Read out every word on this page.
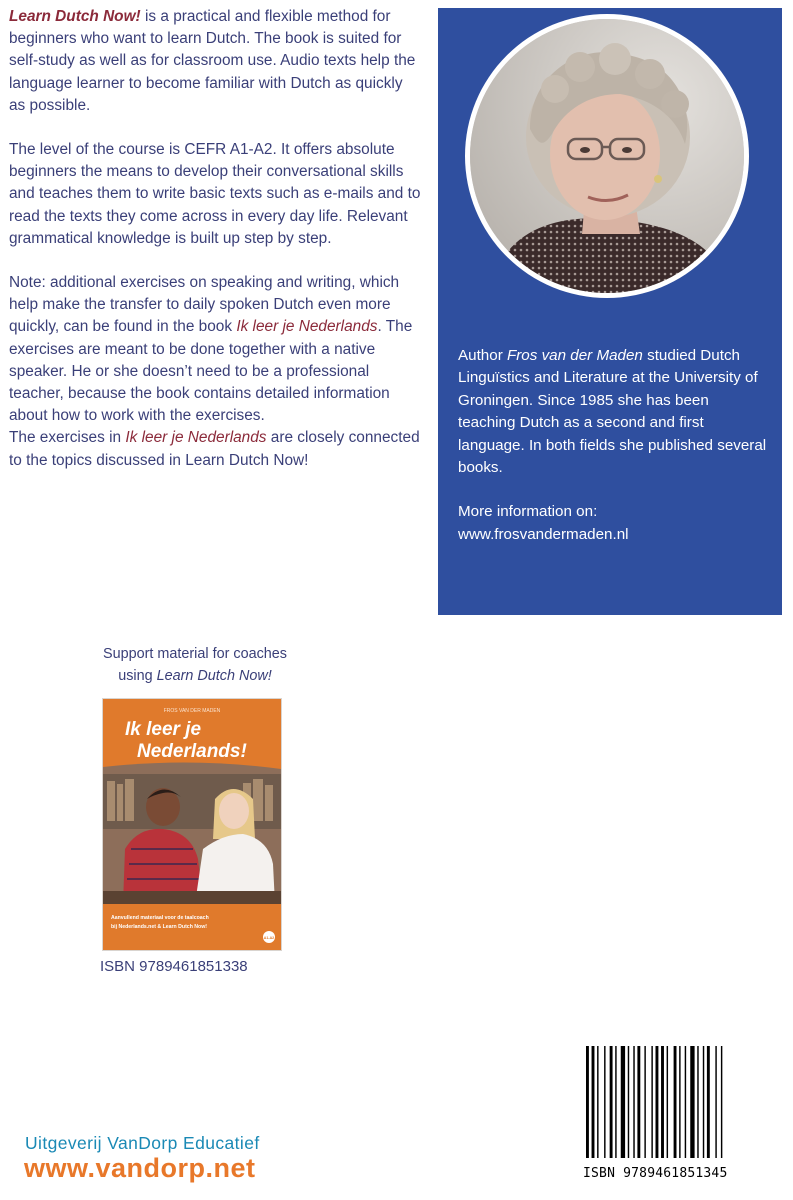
Learn Dutch Now! is a practical and flexible method for beginners who want to learn Dutch. The book is suited for self-study as well as for classroom use. Audio texts help the language learner to become familiar with Dutch as quickly as possible.

The level of the course is CEFR A1-A2. It offers absolute beginners the means to develop their conversational skills and teaches them to write basic texts such as e-mails and to read the texts they come across in every day life. Relevant grammatical knowledge is built up step by step.

Note: additional exercises on speaking and writing, which help make the transfer to daily spoken Dutch even more quickly, can be found in the book Ik leer je Nederlands. The exercises are meant to be done together with a native speaker. He or she doesn’t need to be a professional teacher, because the book contains detailed information about how to work with the exercises.

The exercises in Ik leer je Nederlands are closely connected to the topics discussed in Learn Dutch Now!

Author Fros van der Maden studied Dutch Linguïstics and Literature at the University of Groningen. Since 1985 she has been teaching Dutch as a second and first language. In both fields she published several books.

More information on:

www.frosvandermaden.nl

Support material for coaches

using Learn Dutch Now!

FROS VAN DER MADEN
Ik leer je
Nederlands!
Aanvullend materiaal voor de taalcoach
bij Nederlands.net & Learn Dutch Now!
A1-A2
ISBN 9789461851338
ISBN 9789461851345
Uitgeverij VanDorp Educatief
www.vandorp.net
